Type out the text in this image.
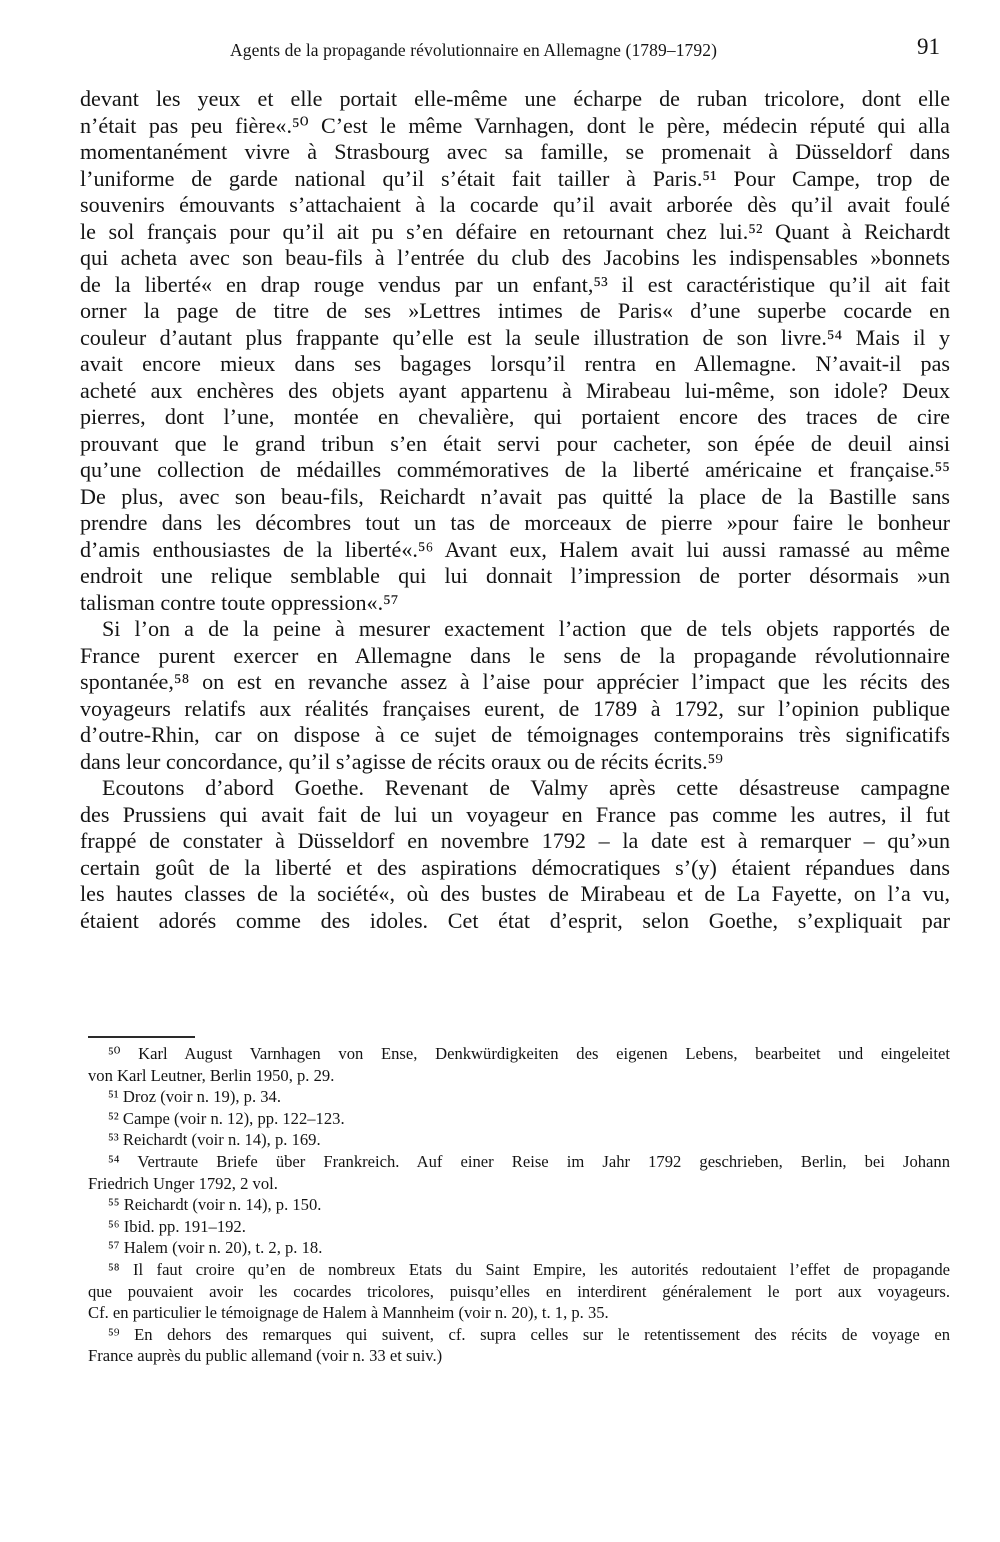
Agents de la propagande révolutionnaire en Allemagne (1789–1792)	91
devant les yeux et elle portait elle-même une écharpe de ruban tricolore, dont elle
n’était pas peu fière«.⁵⁰ C’est le même Varnhagen, dont le père, médecin réputé qui alla
momentanément vivre à Strasbourg avec sa famille, se promenait à Düsseldorf dans
l’uniforme de garde national qu’il s’était fait tailler à Paris.⁵¹ Pour Campe, trop de
souvenirs émouvants s’attachaient à la cocarde qu’il avait arborée dès qu’il avait foulé
le sol français pour qu’il ait pu s’en défaire en retournant chez lui.⁵² Quant à Reichardt
qui acheta avec son beau-fils à l’entrée du club des Jacobins les indispensables »bonnets
de la liberté« en drap rouge vendus par un enfant,⁵³ il est caractéristique qu’il ait fait
orner la page de titre de ses »Lettres intimes de Paris« d’une superbe cocarde en
couleur d’autant plus frappante qu’elle est la seule illustration de son livre.⁵⁴ Mais il y
avait encore mieux dans ses bagages lorsqu’il rentra en Allemagne. N’avait-il pas
acheté aux enchères des objets ayant appartenu à Mirabeau lui-même, son idole? Deux
pierres, dont l’une, montée en chevalière, qui portaient encore des traces de cire
prouvant que le grand tribun s’en était servi pour cacheter, son épée de deuil ainsi
qu’une collection de médailles commémoratives de la liberté américaine et française.⁵⁵
De plus, avec son beau-fils, Reichardt n’avait pas quitté la place de la Bastille sans
prendre dans les décombres tout un tas de morceaux de pierre »pour faire le bonheur
d’amis enthousiastes de la liberté«.⁵⁶ Avant eux, Halem avait lui aussi ramassé au même
endroit une relique semblable qui lui donnait l’impression de porter désormais »un
talisman contre toute oppression«.⁵⁷
Si l’on a de la peine à mesurer exactement l’action que de tels objets rapportés de
France purent exercer en Allemagne dans le sens de la propagande révolutionnaire
spontanée,⁵⁸ on est en revanche assez à l’aise pour apprécier l’impact que les récits des
voyageurs relatifs aux réalités françaises eurent, de 1789 à 1792, sur l’opinion publique
d’outre-Rhin, car on dispose à ce sujet de témoignages contemporains très significatifs
dans leur concordance, qu’il s’agisse de récits oraux ou de récits écrits.⁵⁹
Ecoutons d’abord Goethe. Revenant de Valmy après cette désastreuse campagne
des Prussiens qui avait fait de lui un voyageur en France pas comme les autres, il fut
frappé de constater à Düsseldorf en novembre 1792 – la date est à remarquer – qu’»un
certain goût de la liberté et des aspirations démocratiques s’(y) étaient répandues dans
les hautes classes de la société«, où des bustes de Mirabeau et de La Fayette, on l’a vu,
étaient adorés comme des idoles. Cet état d’esprit, selon Goethe, s’expliquait par
⁵⁰ Karl August Varnhagen von Ense, Denkwürdigkeiten des eigenen Lebens, bearbeitet und eingeleitet
von Karl Leutner, Berlin 1950, p. 29.
⁵¹ Droz (voir n. 19), p. 34.
⁵² Campe (voir n. 12), pp. 122–123.
⁵³ Reichardt (voir n. 14), p. 169.
⁵⁴ Vertraute Briefe über Frankreich. Auf einer Reise im Jahr 1792 geschrieben, Berlin, bei Johann
Friedrich Unger 1792, 2 vol.
⁵⁵ Reichardt (voir n. 14), p. 150.
⁵⁶ Ibid. pp. 191–192.
⁵⁷ Halem (voir n. 20), t. 2, p. 18.
⁵⁸ Il faut croire qu’en de nombreux Etats du Saint Empire, les autorités redoutaient l’effet de propagande
que pouvaient avoir les cocardes tricolores, puisqu’elles en interdirent généralement le port aux voyageurs.
Cf. en particulier le témoignage de Halem à Mannheim (voir n. 20), t. 1, p. 35.
⁵⁹ En dehors des remarques qui suivent, cf. supra celles sur le retentissement des récits de voyage en
France auprès du public allemand (voir n. 33 et suiv.)
